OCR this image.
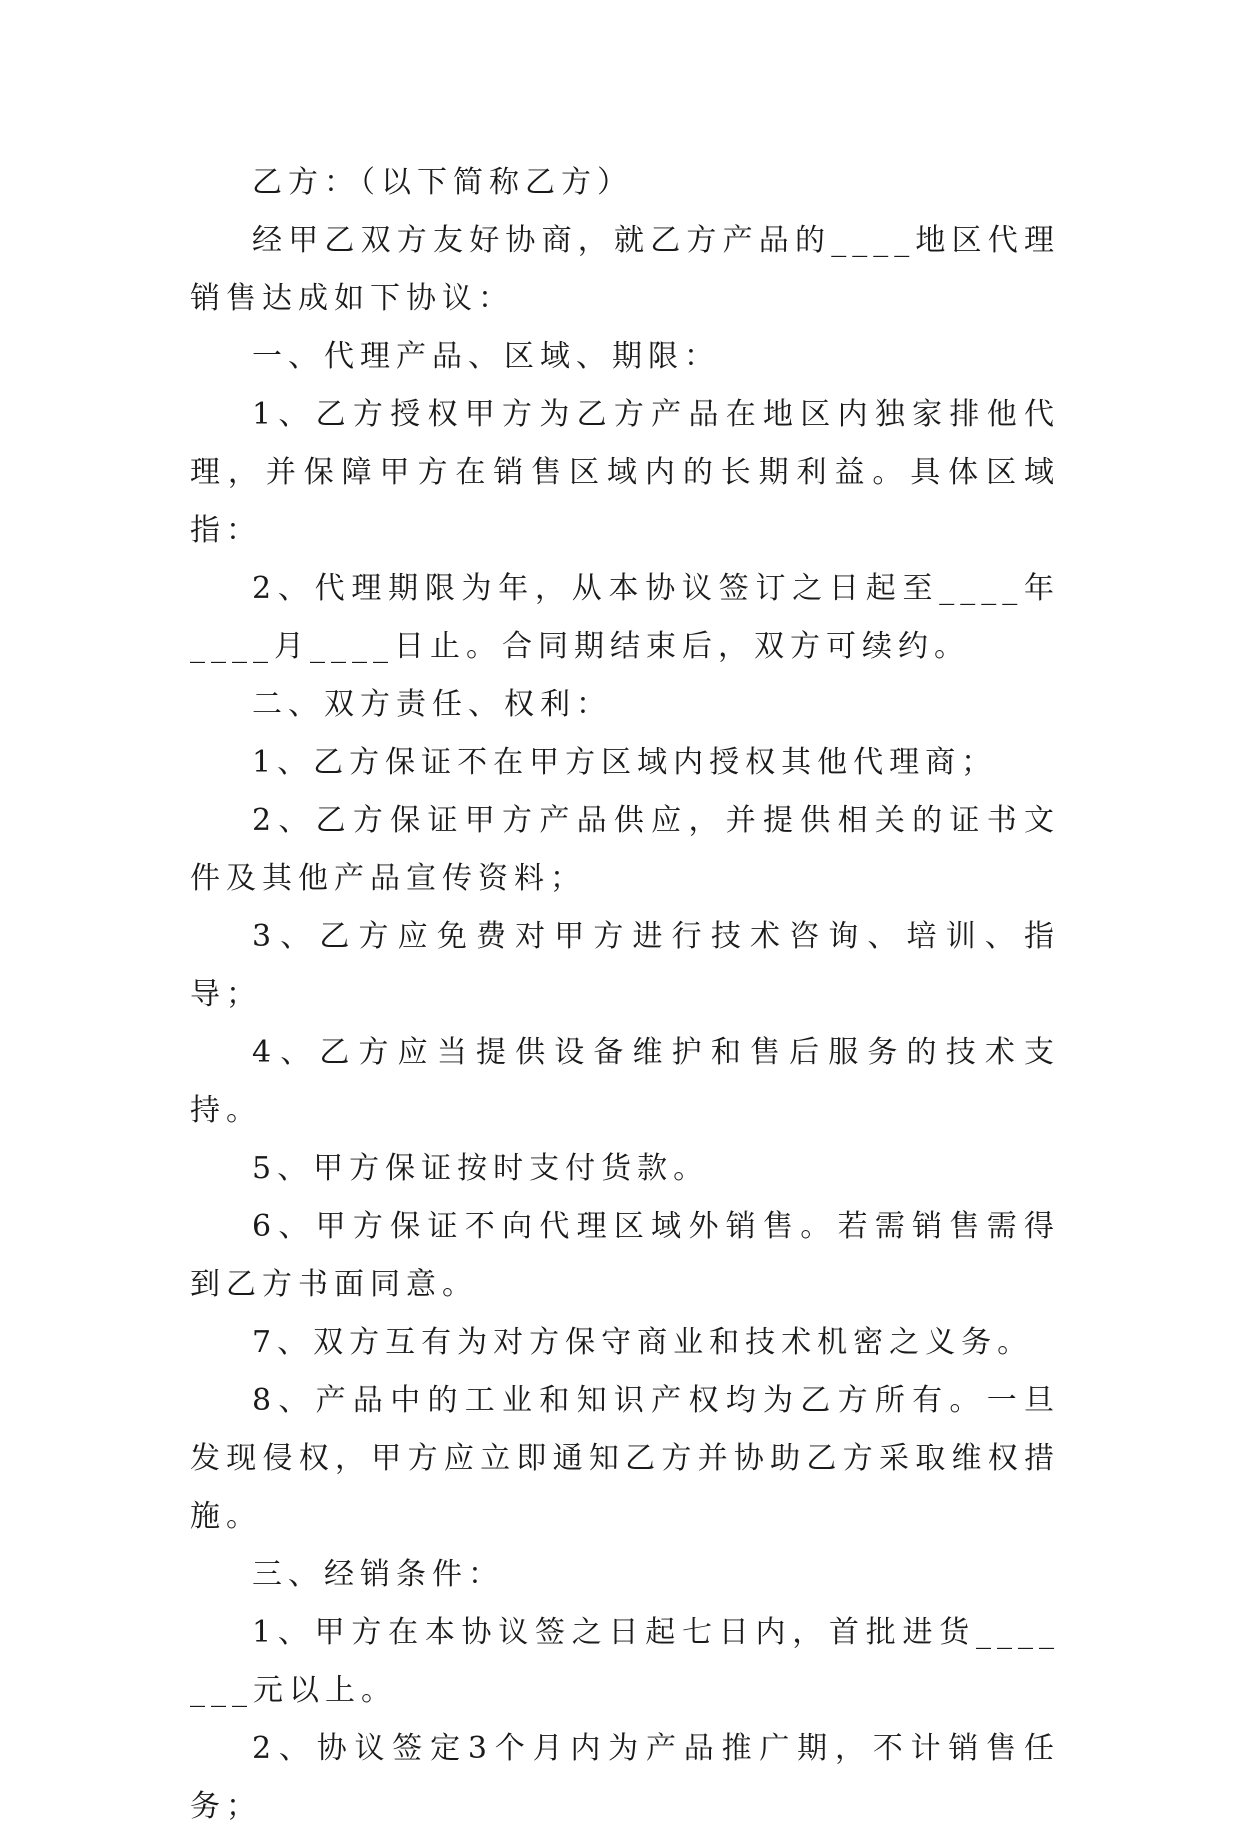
乙方：（以下简称乙方）

经甲乙双方友好协商，就乙方产品的____地区代理销售达成如下协议：

一、代理产品、区域、期限：

1、乙方授权甲方为乙方产品在地区内独家排他代理，并保障甲方在销售区域内的长期利益。具体区域指：

2、代理期限为年，从本协议签订之日起至____年____月____日止。合同期结束后，双方可续约。

二、双方责任、权利：

1、乙方保证不在甲方区域内授权其他代理商；

2、乙方保证甲方产品供应，并提供相关的证书文件及其他产品宣传资料；

3、乙方应免费对甲方进行技术咨询、培训、指导；

4、乙方应当提供设备维护和售后服务的技术支持。

5、甲方保证按时支付货款。

6、甲方保证不向代理区域外销售。若需销售需得到乙方书面同意。

7、双方互有为对方保守商业和技术机密之义务。

8、产品中的工业和知识产权均为乙方所有。一旦发现侵权，甲方应立即通知乙方并协助乙方采取维权措施。

三、经销条件：

1、甲方在本协议签之日起七日内，首批进货_______元以上。

2、协议签定3个月内为产品推广期，不计销售任务；
